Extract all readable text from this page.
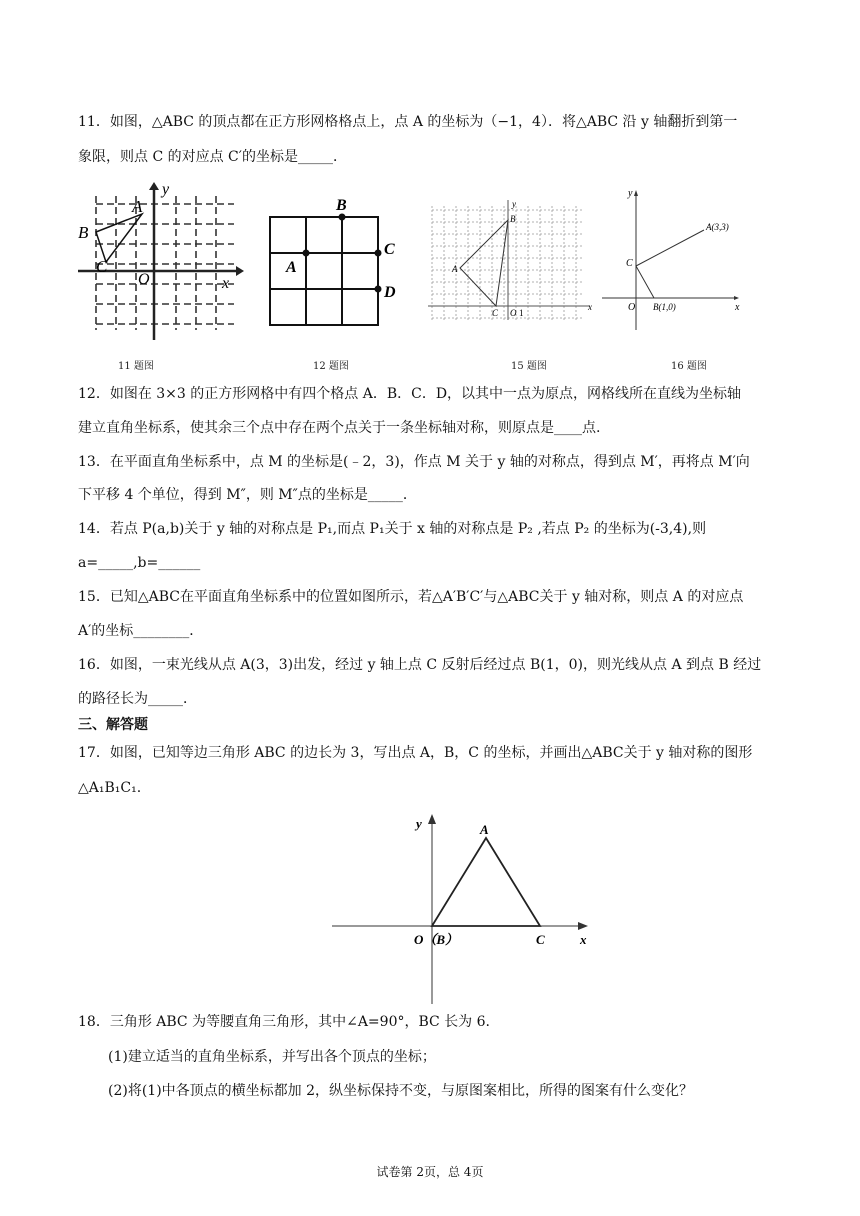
11．如图，△ABC 的顶点都在正方形网格格点上，点 A 的坐标为（−1，4）．将△ABC 沿 y 轴翻折到第一
象限，则点 C 的对应点 C′的坐标是_____．
A
B
C
O	x
y
B
A
C
D
B
A
C O 1
y
x
y
A(3,3)
C
O B(1,0)	x
11 题图	12 题图	15 题图	16 题图
12．如图在 3×3 的正方形网格中有四个格点 A．B．C．D，以其中一点为原点，网格线所在直线为坐标轴
建立直角坐标系，使其余三个点中存在两个点关于一条坐标轴对称，则原点是____点.
13．在平面直角坐标系中，点 M 的坐标是(﹣2，3)，作点 M 关于 y 轴的对称点，得到点 M′，再将点 M′向
下平移 4 个单位，得到 M″，则 M″点的坐标是_____．
14．若点 P(a,b)关于 y 轴的对称点是 P₁,而点 P₁关于 x 轴的对称点是 P₂ ,若点 P₂ 的坐标为(-3,4),则
a=_____,b=______
15．已知△ABC在平面直角坐标系中的位置如图所示，若△A′B′C′与△ABC关于 y 轴对称，则点 A 的对应点
A′的坐标________．
16．如图，一束光线从点 A(3，3)出发，经过 y 轴上点 C 反射后经过点 B(1，0)，则光线从点 A 到点 B 经过
的路径长为_____．
三、解答题
17．如图，已知等边三角形 ABC 的边长为 3，写出点 A，B，C 的坐标，并画出△ABC关于 y 轴对称的图形
△A₁B₁C₁.
y	A
O（B）	C	x
18．三角形 ABC 为等腰直角三角形，其中∠A=90°，BC 长为 6.
(1)建立适当的直角坐标系，并写出各个顶点的坐标；
(2)将(1)中各顶点的横坐标都加 2，纵坐标保持不变，与原图案相比，所得的图案有什么变化？
试卷第 2页，总 4页
